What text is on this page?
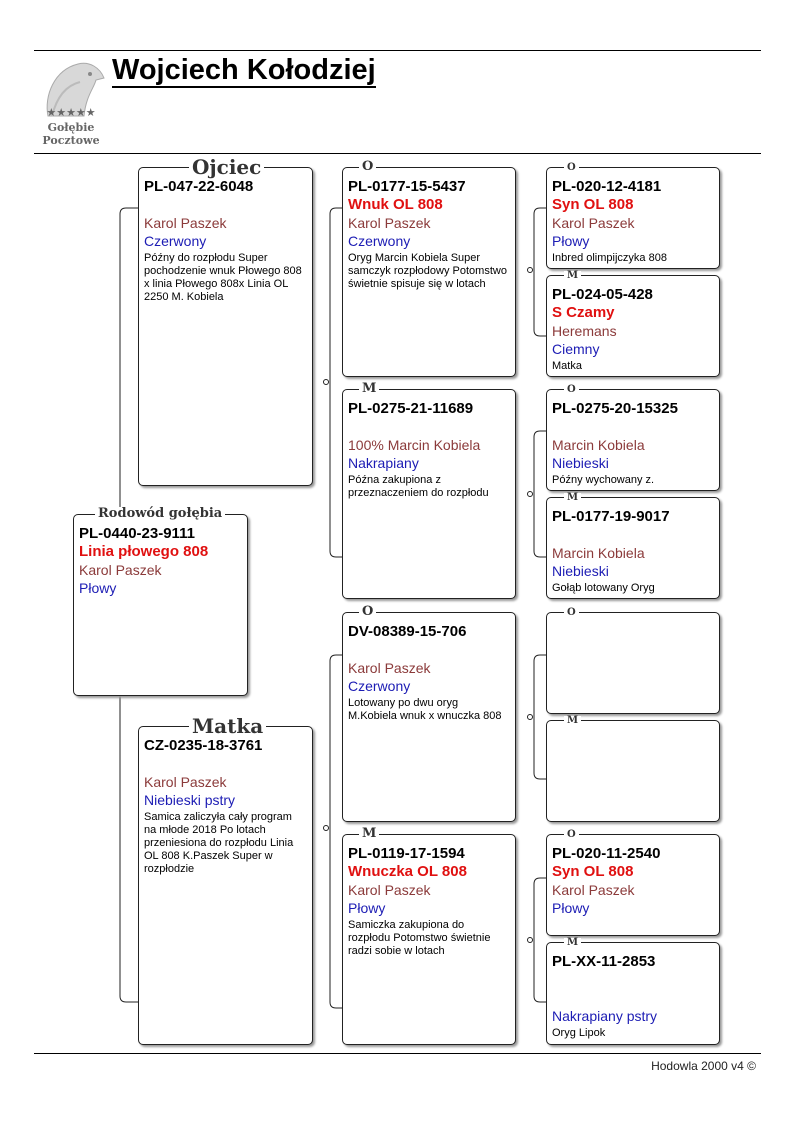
★★★★★
Gołębie
Pocztowe
Wojciech Kołodziej
PL-0440-23-9111
Linia płowego 808
Karol Paszek
Płowy
Rodowód gołębia
PL-047-22-6048
Karol Paszek
Czerwony
Późny do rozpłodu Super pochodzenie wnuk Płowego 808 x linia Płowego 808x Linia OL 2250 M. Kobiela
Ojciec
CZ-0235-18-3761
Karol Paszek
Niebieski pstry
Samica zaliczyła cały program na młode 2018 Po lotach przeniesiona do rozpłodu Linia OL 808 K.Paszek Super w rozpłodzie
Matka
PL-0177-15-5437
Wnuk OL 808
Karol Paszek
Czerwony
Oryg Marcin Kobiela Super samczyk rozpłodowy Potomstwo świetnie spisuje się w lotach
O
PL-0275-21-11689
100% Marcin Kobiela
Nakrapiany
Późna zakupiona z przeznaczeniem do rozpłodu
M
DV-08389-15-706
Karol Paszek
Czerwony
Lotowany po dwu oryg M.Kobiela wnuk x wnuczka 808
O
PL-0119-17-1594
Wnuczka OL 808
Karol Paszek
Płowy
Samiczka zakupiona do rozpłodu Potomstwo świetnie radzi sobie w lotach
M
PL-020-12-4181
Syn OL 808
Karol Paszek
Płowy
Inbred olimpijczyka 808
O
PL-024-05-428
S Czamy
Heremans
Ciemny
Matka
M
PL-0275-20-15325
Marcin Kobiela
Niebieski
Późny wychowany z.
O
PL-0177-19-9017
Marcin Kobiela
Niebieski
Gołąb lotowany Oryg
M
O
M
PL-020-11-2540
Syn OL 808
Karol Paszek
Płowy
O
PL-XX-11-2853
Nakrapiany pstry
Oryg Lipok
M
Hodowla 2000 v4 ©
